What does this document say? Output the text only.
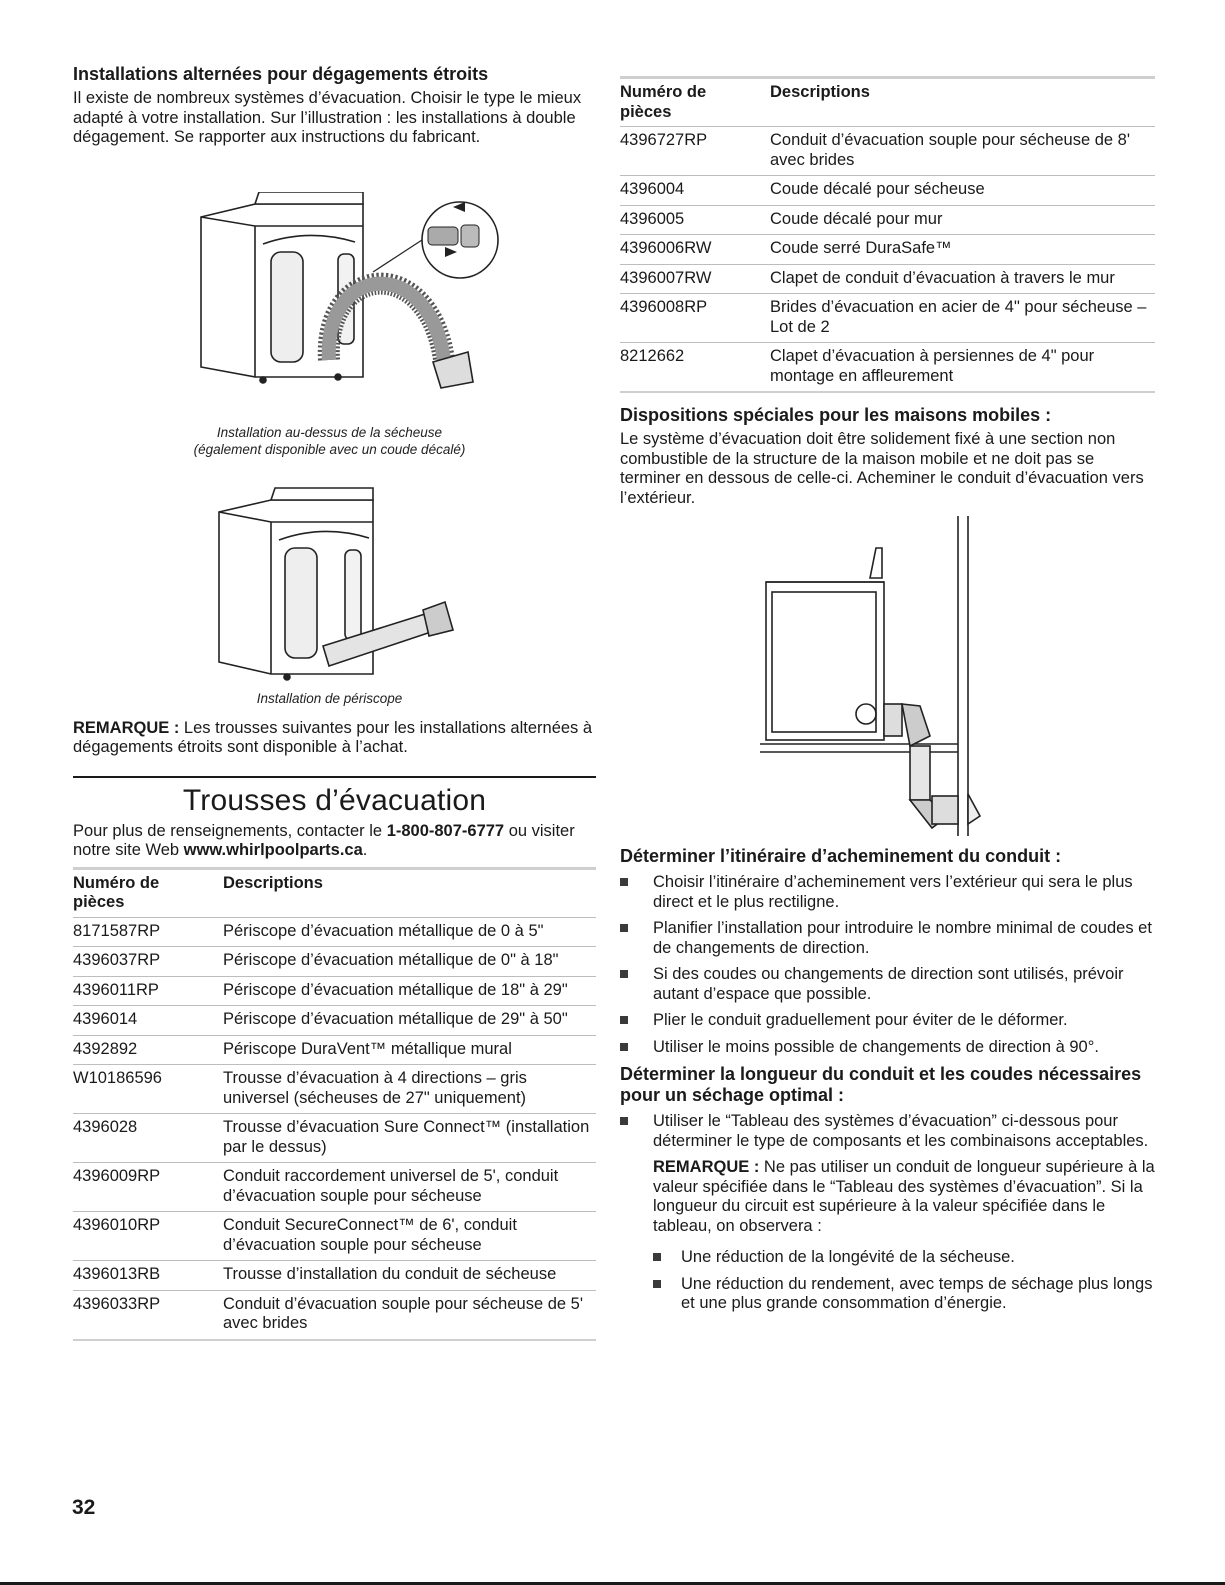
Installations alternées pour dégagements étroits

Il existe de nombreux systèmes d’évacuation. Choisir le type le mieux adapté à votre installation. Sur l’illustration : les installations à double dégagement. Se rapporter aux instructions du fabricant.

Installation au-dessus de la sécheuse
(également disponible avec un coude décalé)
Installation de périscope

REMARQUE : Les trousses suivantes pour les installations alternées à dégagements étroits sont disponible à l’achat.

Trousses d’évacuation

Pour plus de renseignements, contacter le 1-800-807-6777 ou visiter notre site Web www.whirlpoolparts.ca.

Numéro de pièces	Descriptions
8171587RP	Périscope d’évacuation métallique de 0 à 5"
4396037RP	Périscope d’évacuation métallique de 0" à 18"
4396011RP	Périscope d’évacuation métallique de 18" à 29"
4396014	Périscope d’évacuation métallique de 29" à 50"
4392892	Périscope DuraVent™ métallique mural
W10186596	Trousse d’évacuation à 4 directions – gris universel (sécheuses de 27" uniquement)
4396028	Trousse d’évacuation Sure Connect™ (installation par le dessus)
4396009RP	Conduit raccordement universel de 5', conduit d’évacuation souple pour sécheuse
4396010RP	Conduit SecureConnect™ de 6', conduit d’évacuation souple pour sécheuse
4396013RB	Trousse d’installation du conduit de sécheuse
4396033RP	Conduit d’évacuation souple pour sécheuse de 5' avec brides
Numéro de pièces	Descriptions
4396727RP	Conduit d’évacuation souple pour sécheuse de 8' avec brides
4396004	Coude décalé pour sécheuse
4396005	Coude décalé pour mur
4396006RW	Coude serré DuraSafe™
4396007RW	Clapet de conduit d’évacuation à travers le mur
4396008RP	Brides d’évacuation en acier de 4" pour sécheuse – Lot de 2
8212662	Clapet d’évacuation à persiennes de 4" pour montage en affleurement
Dispositions spéciales pour les maisons mobiles :

Le système d’évacuation doit être solidement fixé à une section non combustible de la structure de la maison mobile et ne doit pas se terminer en dessous de celle-ci. Acheminer le conduit d’évacuation vers l’extérieur.

Déterminer l’itinéraire d’acheminement du conduit :
Choisir l’itinéraire d’acheminement vers l’extérieur qui sera le plus direct et le plus rectiligne.
Planifier l’installation pour introduire le nombre minimal de coudes et de changements de direction.
Si des coudes ou changements de direction sont utilisés, prévoir autant d’espace que possible.
Plier le conduit graduellement pour éviter de le déformer.
Utiliser le moins possible de changements de direction à 90°.
Déterminer la longueur du conduit et les coudes nécessaires pour un séchage optimal :
Utiliser le “Tableau des systèmes d’évacuation” ci-dessous pour déterminer le type de composants et les combinaisons acceptables.

REMARQUE : Ne pas utiliser un conduit de longueur supérieure à la valeur spécifiée dans le “Tableau des systèmes d’évacuation”. Si la longueur du circuit est supérieure à la valeur spécifiée dans le tableau, on observera :

Une réduction de la longévité de la sécheuse.
Une réduction du rendement, avec temps de séchage plus longs et une plus grande consommation d’énergie.
32
